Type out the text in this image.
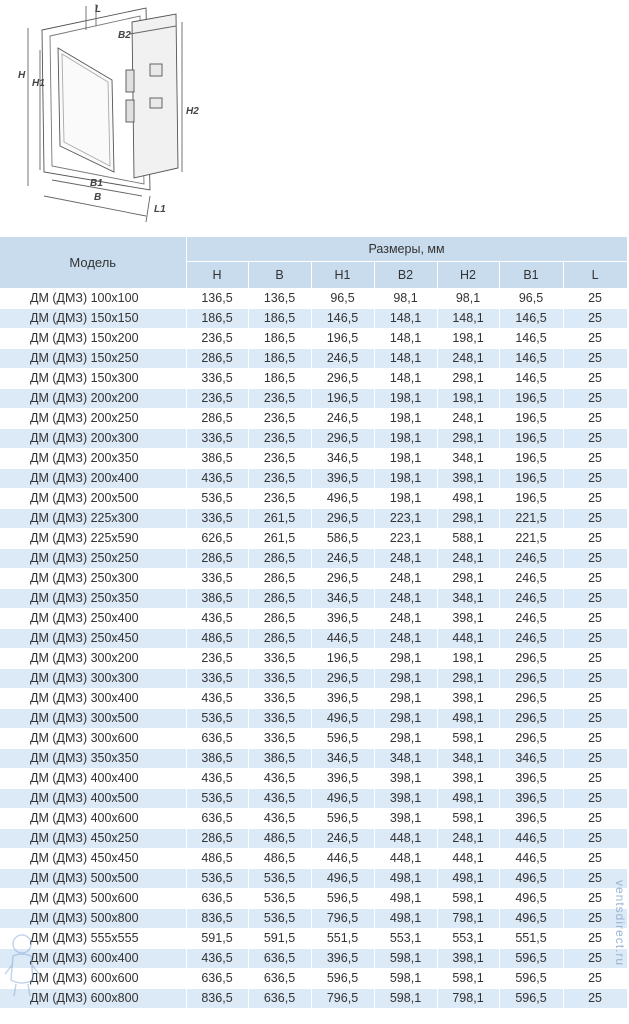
L
B2
H
H1
H2
B1
B
L1
Модель	Размеры, мм						
	H	B	H1	B2	H2	B1	L
ДМ (ДМЗ) 100x100	136,5	136,5	96,5	98,1	98,1	96,5	25
ДМ (ДМЗ) 150x150	186,5	186,5	146,5	148,1	148,1	146,5	25
ДМ (ДМЗ) 150x200	236,5	186,5	196,5	148,1	198,1	146,5	25
ДМ (ДМЗ) 150x250	286,5	186,5	246,5	148,1	248,1	146,5	25
ДМ (ДМЗ) 150x300	336,5	186,5	296,5	148,1	298,1	146,5	25
ДМ (ДМЗ) 200x200	236,5	236,5	196,5	198,1	198,1	196,5	25
ДМ (ДМЗ) 200x250	286,5	236,5	246,5	198,1	248,1	196,5	25
ДМ (ДМЗ) 200x300	336,5	236,5	296,5	198,1	298,1	196,5	25
ДМ (ДМЗ) 200x350	386,5	236,5	346,5	198,1	348,1	196,5	25
ДМ (ДМЗ) 200x400	436,5	236,5	396,5	198,1	398,1	196,5	25
ДМ (ДМЗ) 200x500	536,5	236,5	496,5	198,1	498,1	196,5	25
ДМ (ДМЗ) 225x300	336,5	261,5	296,5	223,1	298,1	221,5	25
ДМ (ДМЗ) 225x590	626,5	261,5	586,5	223,1	588,1	221,5	25
ДМ (ДМЗ) 250x250	286,5	286,5	246,5	248,1	248,1	246,5	25
ДМ (ДМЗ) 250x300	336,5	286,5	296,5	248,1	298,1	246,5	25
ДМ (ДМЗ) 250x350	386,5	286,5	346,5	248,1	348,1	246,5	25
ДМ (ДМЗ) 250x400	436,5	286,5	396,5	248,1	398,1	246,5	25
ДМ (ДМЗ) 250x450	486,5	286,5	446,5	248,1	448,1	246,5	25
ДМ (ДМЗ) 300x200	236,5	336,5	196,5	298,1	198,1	296,5	25
ДМ (ДМЗ) 300x300	336,5	336,5	296,5	298,1	298,1	296,5	25
ДМ (ДМЗ) 300x400	436,5	336,5	396,5	298,1	398,1	296,5	25
ДМ (ДМЗ) 300x500	536,5	336,5	496,5	298,1	498,1	296,5	25
ДМ (ДМЗ) 300x600	636,5	336,5	596,5	298,1	598,1	296,5	25
ДМ (ДМЗ) 350x350	386,5	386,5	346,5	348,1	348,1	346,5	25
ДМ (ДМЗ) 400x400	436,5	436,5	396,5	398,1	398,1	396,5	25
ДМ (ДМЗ) 400x500	536,5	436,5	496,5	398,1	498,1	396,5	25
ДМ (ДМЗ) 400x600	636,5	436,5	596,5	398,1	598,1	396,5	25
ДМ (ДМЗ) 450x250	286,5	486,5	246,5	448,1	248,1	446,5	25
ДМ (ДМЗ) 450x450	486,5	486,5	446,5	448,1	448,1	446,5	25
ДМ (ДМЗ) 500x500	536,5	536,5	496,5	498,1	498,1	496,5	25
ДМ (ДМЗ) 500x600	636,5	536,5	596,5	498,1	598,1	496,5	25
ДМ (ДМЗ) 500x800	836,5	536,5	796,5	498,1	798,1	496,5	25
ДМ (ДМЗ) 555x555	591,5	591,5	551,5	553,1	553,1	551,5	25
ДМ (ДМЗ) 600x400	436,5	636,5	396,5	598,1	398,1	596,5	25
ДМ (ДМЗ) 600x600	636,5	636,5	596,5	598,1	598,1	596,5	25
ДМ (ДМЗ) 600x800	836,5	636,5	796,5	598,1	798,1	596,5	25
ventsdirect.ru
